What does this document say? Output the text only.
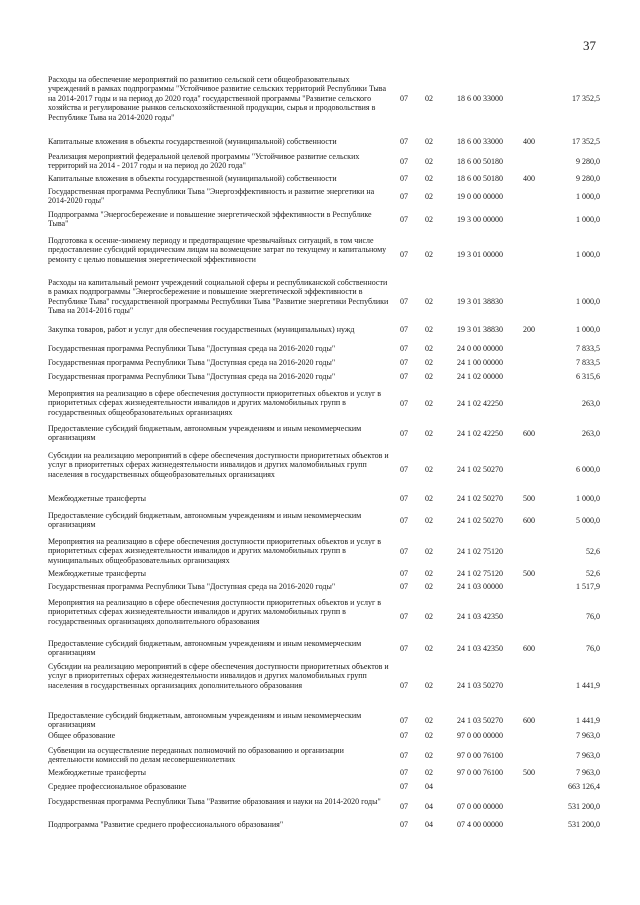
37
Расходы на обеспечение мероприятий по развитию сельской сети общеобразовательных учреждений в рамках подпрограммы "Устойчивое развитие сельских территорий Республики Тыва на 2014-2017 годы и на период до 2020 года" государственной программы "Развитие сельского хозяйства и регулирование рынков сельскохозяйственной продукции, сырья и продовольствия в Республике Тыва на 2014-2020 годы"
07	02	18 6 00 33000	17 352,5
Капитальные вложения в объекты государственной (муниципальной) собственности	07	02	18 6 00 33000	400	17 352,5
Реализация мероприятий федеральной целевой программы "Устойчивое развитие сельских территорий на 2014 - 2017 годы и на период до 2020 года"	07	02	18 6 00 50180	9 280,0
Капитальные вложения в объекты государственной (муниципальной) собственности	07	02	18 6 00 50180	400	9 280,0
Государственная программа Республики Тыва "Энергоэффективность и развитие энергетики на 2014-2020 годы"	07	02	19 0 00 00000	1 000,0
Подпрограмма "Энергосбережение и повышение энергетической эффективности в Республике Тыва"	07	02	19 3 00 00000	1 000,0
Подготовка к осенне-зимнему периоду и предотвращение чрезвычайных ситуаций, в том числе предоставление субсидий юридическим лицам на возмещение затрат по текущему и капитальному ремонту с целью повышения энергетической эффективности
07	02	19 3 01 00000	1 000,0
Расходы на капитальный ремонт учреждений социальной сферы и республиканской собственности в рамках подпрограммы "Энергосбережение и повышение энергетической эффективности в Республике Тыва" государственной программы Республики Тыва "Развитие энергетики Республики Тыва на 2014-2016 годы"
07	02	19 3 01 38830	1 000,0
Закупка товаров, работ и услуг для обеспечения государственных (муниципальных) нужд	07	02	19 3 01 38830	200	1 000,0
Государственная программа Республики Тыва "Доступная среда на 2016-2020 годы"	07	02	24 0 00 00000	7 833,5
Государственная программа Республики Тыва "Доступная среда на 2016-2020 годы"	07	02	24 1 00 00000	7 833,5
Государственная программа Республики Тыва "Доступная среда на 2016-2020 годы"	07	02	24 1 02 00000	6 315,6
Мероприятия на реализацию в сфере обеспечения доступности приоритетных объектов и услуг в приоритетных сферах жизнедеятельности инвалидов и других маломобильных групп в государственных общеобразовательных организациях
07	02	24 1 02 42250	263,0
Предоставление субсидий бюджетным, автономным учреждениям и иным некоммерческим организациям	07	02	24 1 02 42250	600	263,0
Субсидии на реализацию мероприятий в сфере обеспечения доступности приоритетных объектов и услуг в приоритетных сферах жизнедеятельности инвалидов и других маломобильных групп населения в государственных общеобразовательных организациях
07	02	24 1 02 50270	6 000,0
Межбюджетные трансферты	07	02	24 1 02 50270	500	1 000,0
Предоставление субсидий бюджетным, автономным учреждениям и иным некоммерческим организациям	07	02	24 1 02 50270	600	5 000,0
Мероприятия на реализацию в сфере обеспечения доступности приоритетных объектов и услуг в приоритетных сферах жизнедеятельности инвалидов и других маломобильных групп в муниципальных общеобразовательных организациях
07	02	24 1 02 75120	52,6
Межбюджетные трансферты	07	02	24 1 02 75120	500	52,6
Государственная программа Республики Тыва "Доступная среда на 2016-2020 годы"	07	02	24 1 03 00000	1 517,9
Мероприятия на реализацию в сфере обеспечения доступности приоритетных объектов и услуг в приоритетных сферах жизнедеятельности инвалидов и других маломобильных групп в государственных организациях дополнительного образования
07	02	24 1 03 42350	76,0
Предоставление субсидий бюджетным, автономным учреждениям и иным некоммерческим организациям	07	02	24 1 03 42350	600	76,0
Субсидии на реализацию мероприятий в сфере обеспечения доступности приоритетных объектов и услуг в приоритетных сферах жизнедеятельности инвалидов и других маломобильных групп населения в государственных организациях дополнительного образования	07	02	24 1 03 50270	1 441,9
Предоставление субсидий бюджетным, автономным учреждениям и иным некоммерческим организациям	07	02	24 1 03 50270	600	1 441,9
Общее образование	07	02	97 0 00 00000	7 963,0
Субвенции на осуществление переданных полномочий по образованию и организации деятельности комиссий по делам несовершеннолетних	07	02	97 0 00 76100	7 963,0
Межбюджетные трансферты	07	02	97 0 00 76100	500	7 963,0
Среднее профессиональное образование	07	04	663 126,4
Государственная программа Республики Тыва "Развитие образования и науки на 2014-2020 годы"
07	04	07 0 00 00000	531 200,0
Подпрограмма "Развитие среднего профессионального образования"	07	04	07 4 00 00000	531 200,0
